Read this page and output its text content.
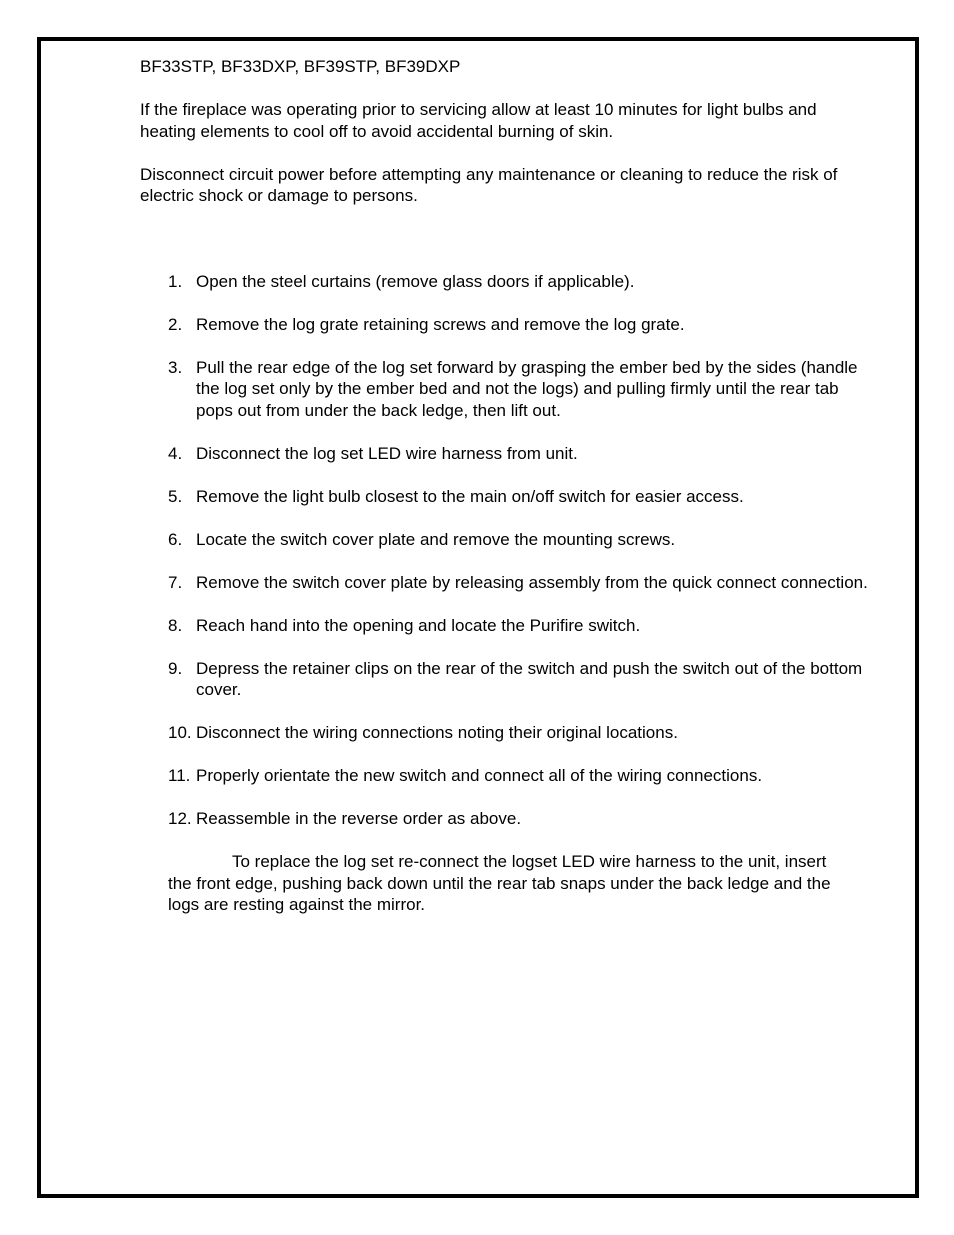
BF33STP, BF33DXP, BF39STP, BF39DXP

If the fireplace was operating prior to servicing allow at least 10 minutes for light bulbs and heating elements to cool off to avoid accidental burning of skin.

Disconnect circuit power before attempting any maintenance or cleaning to reduce the risk of electric shock or damage to persons.

1. Open the steel curtains (remove glass doors if applicable).
2. Remove the log grate retaining screws and remove the log grate.
3. Pull the rear edge of the log set forward by grasping the ember bed by the sides (handle the log set only by the ember bed and not the logs) and pulling firmly until the rear tab pops out from under the back ledge, then lift out.
4. Disconnect the log set LED wire harness from unit.
5. Remove the light bulb closest to the main on/off switch for easier access.
6. Locate the switch cover plate and remove the mounting screws.
7. Remove the switch cover plate by releasing assembly from the quick connect connection.
8. Reach hand into the opening and locate the Purifire switch.
9. Depress the retainer clips on the rear of the switch and push the switch out of the bottom cover.
10. Disconnect the wiring connections noting their original locations.
11. Properly orientate the new switch and connect all of the wiring connections.
12. Reassemble in the reverse order as above.

To replace the log set re-connect the logset LED wire harness to the unit, insert the front edge, pushing back down until the rear tab snaps under the back ledge and the logs are resting against the mirror.
